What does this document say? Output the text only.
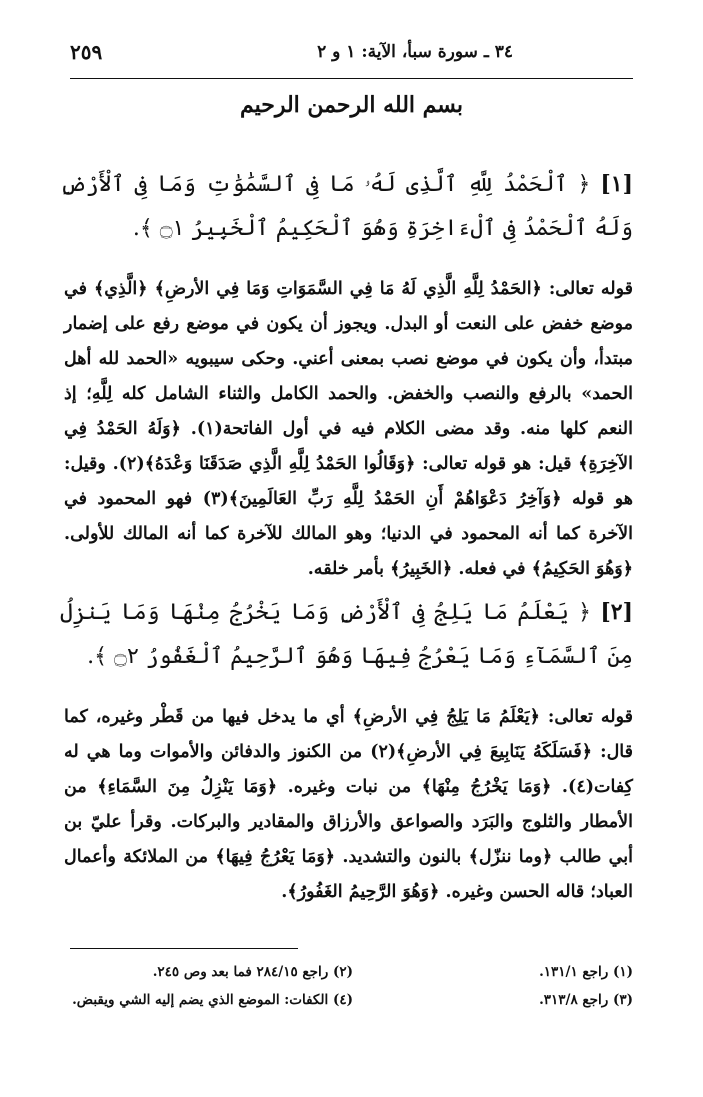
٣٤ ـ سورة سبأ، الآية: ١ و ٢
٢٥٩
بسم الله الرحمن الرحيم
[١] ﴿ ٱلْحَمْدُ لِلَّهِ ٱلَّذِى لَهُۥ مَا فِى ٱلسَّمَٰوَٰتِ وَمَا فِى ٱلْأَرْضِ وَلَهُ ٱلْحَمْدُ فِى ٱلْءَاخِرَةِ وَهُوَ ٱلْحَكِيمُ ٱلْخَبِيرُ ۝١ ﴾.
قوله تعالى: ﴿الحَمْدُ لِلَّهِ الَّذِي لَهُ مَا فِي السَّمَوَاتِ وَمَا فِي الأرضِ﴾ ﴿الَّذِي﴾ في موضع خفض على النعت أو البدل. ويجوز أن يكون في موضع رفع على إضمار مبتدأ، وأن يكون في موضع نصب بمعنى أعني. وحكى سيبويه «الحمد لله أهل الحمد» بالرفع والنصب والخفض. والحمد الكامل والثناء الشامل كله لِلَّهِ؛ إذ النعم كلها منه. وقد مضى الكلام فيه في أول الفاتحة(١). ﴿وَلَهُ الحَمْدُ فِي الآخِرَةِ﴾ قيل: هو قوله تعالى: ﴿وَقَالُوا الحَمْدُ لِلَّهِ الَّذِي صَدَقَنَا وَعْدَهُ﴾(٢). وقيل: هو قوله ﴿وَآخِرُ دَعْوَاهُمْ أَنِ الحَمْدُ لِلَّهِ رَبِّ العَالَمِينَ﴾(٣) فهو المحمود في الآخرة كما أنه المحمود في الدنيا؛ وهو المالك للآخرة كما أنه المالك للأولى. ﴿وَهُوَ الحَكِيمُ﴾ في فعله. ﴿الخَبِيرُ﴾ بأمر خلقه.
[٢] ﴿ يَعْلَمُ مَا يَلِجُ فِى ٱلْأَرْضِ وَمَا يَخْرُجُ مِنْهَا وَمَا يَنزِلُ مِنَ ٱلسَّمَآءِ وَمَا يَعْرُجُ فِيهَا وَهُوَ ٱلرَّحِيمُ ٱلْغَفُورُ ۝٢ ﴾.
قوله تعالى: ﴿يَعْلَمُ مَا يَلِجُ فِي الأرضِ﴾ أي ما يدخل فيها من قَطْر وغيره، كما قال: ﴿فَسَلَكَهُ يَنَابِيعَ فِي الأرضِ﴾(٢) من الكنوز والدفائن والأموات وما هي له كِفات(٤). ﴿وَمَا يَخْرُجُ مِنْهَا﴾ من نبات وغيره. ﴿وَمَا يَنْزِلُ مِنَ السَّمَاءِ﴾ من الأمطار والثلوج والبَرَد والصواعق والأرزاق والمقادير والبركات. وقرأ عليّ بن أبي طالب ﴿وما ننزّل﴾ بالنون والتشديد. ﴿وَمَا يَعْرُجُ فِيهَا﴾ من الملائكة وأعمال العباد؛ قاله الحسن وغيره. ﴿وَهُوَ الرَّحِيمُ الغَفُورُ﴾.
(١) راجع ١٣١/١.
(٢) راجع ٢٨٤/١٥ فما بعد وص ٢٤٥.
(٣) راجع ٣١٣/٨.
(٤) الكفات: الموضع الذي يضم إليه الشي ويقبض.
